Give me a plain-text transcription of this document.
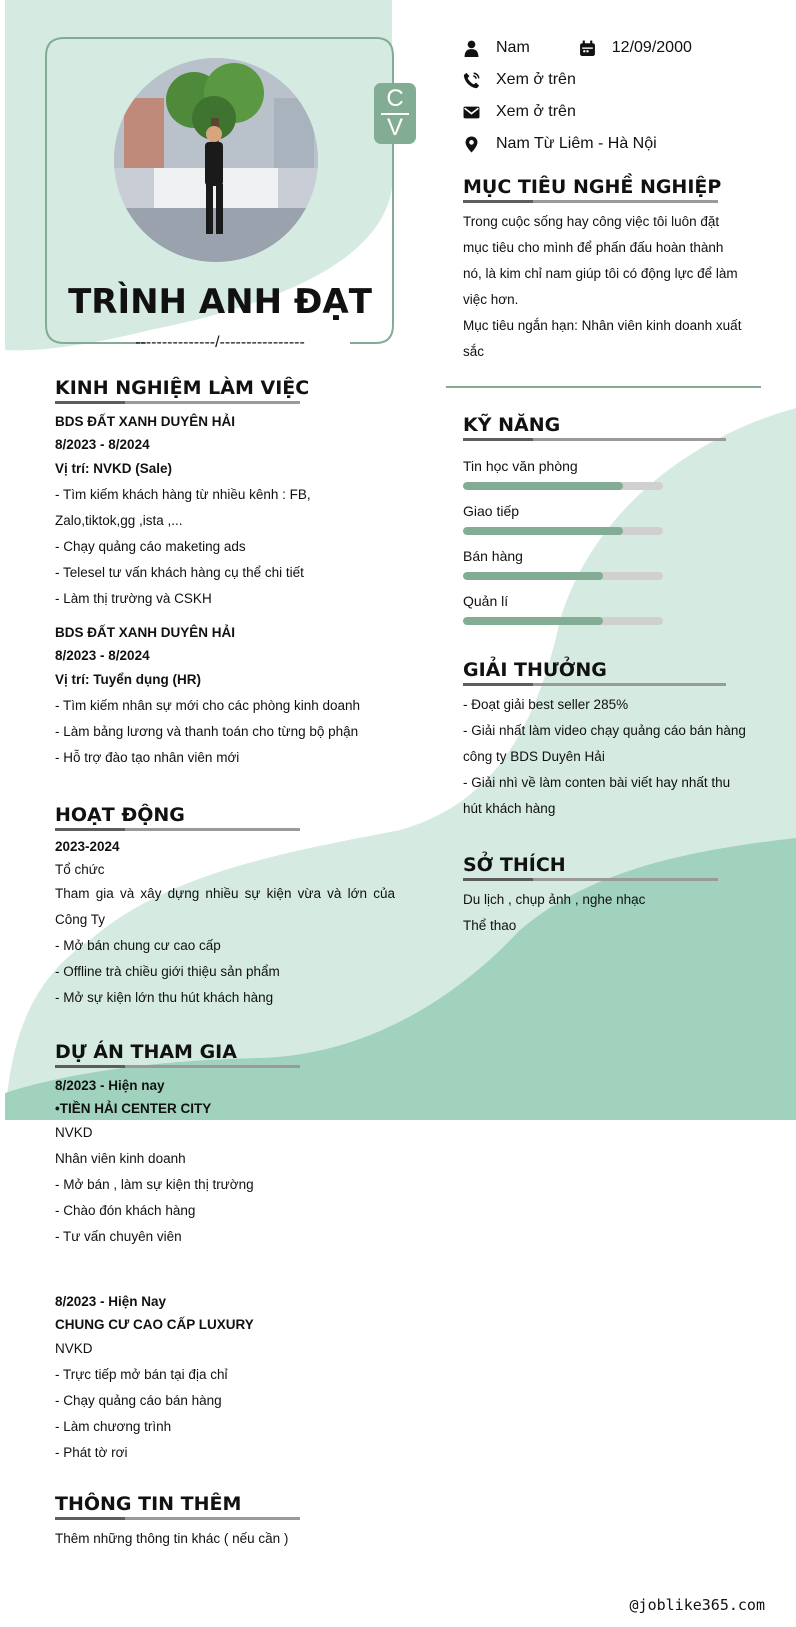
C
V
TRÌNH ANH ĐẠT
---------------/----------------
Nam	12/09/2000
Xem ở trên
Xem ở trên
Nam Từ Liêm - Hà Nội
MỤC TIÊU NGHỀ NGHIỆP
Trong cuộc sống hay công việc tôi luôn đặt
mục tiêu cho mình để phấn đấu hoàn thành
nó, là kim chỉ nam giúp tôi có động lực để làm
việc hơn.
Mục tiêu ngắn hạn: Nhân viên kinh doanh xuất
sắc
KỸ NĂNG
Tin học văn phòng
Giao tiếp
Bán hàng
Quản lí
GIẢI THƯỞNG
- Đoạt giải best seller 285%
- Giải nhất làm video chạy quảng cáo bán hàng
công ty BDS Duyên Hải
- Giải nhì về làm conten bài viết hay nhất thu
hút khách hàng
SỞ THÍCH
Du lịch , chụp ảnh , nghe nhạc
Thể thao
KINH NGHIỆM LÀM VIỆC
BDS ĐẤT XANH DUYÊN HẢI
8/2023 - 8/2024
Vị trí: NVKD (Sale)
- Tìm kiếm khách hàng từ nhiều kênh : FB,
Zalo,tiktok,gg ,ista ,...
- Chạy quảng cáo maketing ads
- Telesel tư vấn khách hàng cụ thể chi tiết
- Làm thị trường và CSKH
BDS ĐẤT XANH DUYÊN HẢI
8/2023 - 8/2024
Vị trí: Tuyển dụng (HR)
- Tìm kiếm nhân sự mới cho các phòng kinh doanh
- Làm bảng lương và thanh toán cho từng bộ phận
- Hỗ trợ đào tạo nhân viên mới
HOẠT ĐỘNG
2023-2024
Tổ chức
Tham gia và xây dựng nhiều sự kiện vừa và lớn của
Công Ty
- Mở bán chung cư cao cấp
- Offline trà chiều giới thiệu sản phẩm
- Mở sự kiện lớn thu hút khách hàng
DỰ ÁN THAM GIA
8/2023 - Hiện nay
•TIỀN HẢI CENTER CITY
NVKD
Nhân viên kinh doanh
- Mở bán , làm sự kiện thị trường
- Chào đón khách hàng
- Tư vấn chuyên viên
8/2023 - Hiện Nay
CHUNG CƯ CAO CẤP LUXURY
NVKD
- Trực tiếp mở bán tại địa chỉ
- Chạy quảng cáo bán hàng
- Làm chương trình
- Phát tờ rơi
THÔNG TIN THÊM
Thêm những thông tin khác ( nếu cần )
@joblike365.com
